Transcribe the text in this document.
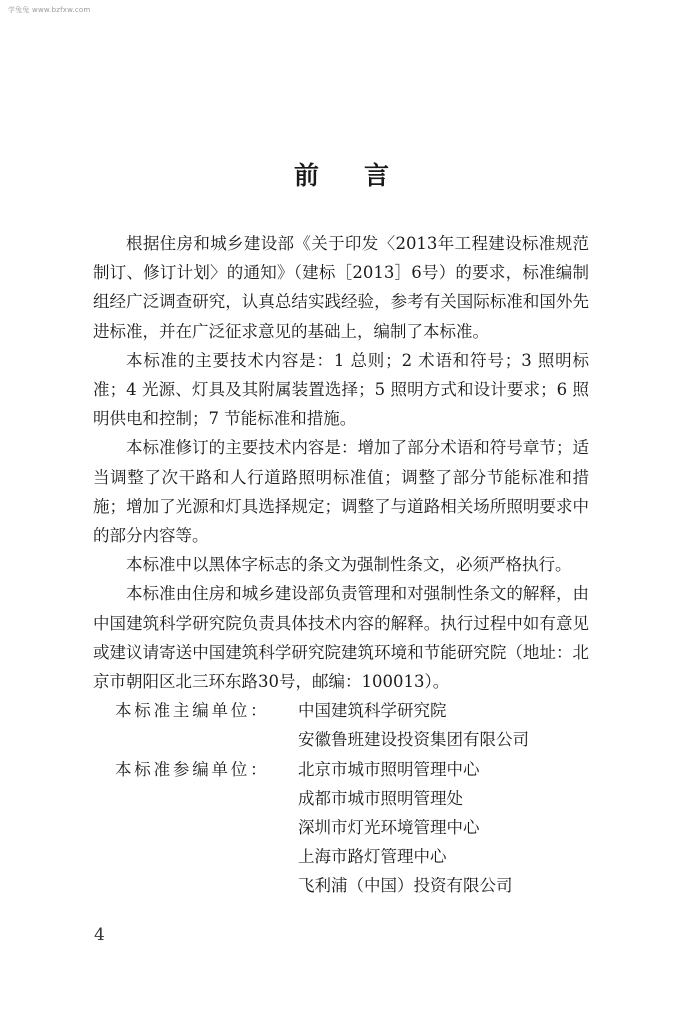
学兔兔 www.bzfxw.com
前 言

根据住房和城乡建设部《关于印发〈2013年工程建设标准规范制订、修订计划〉的通知》（建标［2013］6号）的要求，标准编制组经广泛调查研究，认真总结实践经验，参考有关国际标准和国外先进标准，并在广泛征求意见的基础上，编制了本标准。

本标准的主要技术内容是：1 总则；2 术语和符号；3 照明标准；4 光源、灯具及其附属装置选择；5 照明方式和设计要求；6 照明供电和控制；7 节能标准和措施。

本标准修订的主要技术内容是：增加了部分术语和符号章节；适当调整了次干路和人行道路照明标准值；调整了部分节能标准和措施；增加了光源和灯具选择规定；调整了与道路相关场所照明要求中的部分内容等。

本标准中以黑体字标志的条文为强制性条文，必须严格执行。

本标准由住房和城乡建设部负责管理和对强制性条文的解释，由中国建筑科学研究院负责具体技术内容的解释。执行过程中如有意见或建议请寄送中国建筑科学研究院建筑环境和节能研究院（地址：北京市朝阳区北三环东路30号，邮编：100013）。

本标准主编单位：	中国建筑科学研究院
安徽鲁班建设投资集团有限公司
本标准参编单位：	北京市城市照明管理中心
成都市城市照明管理处
深圳市灯光环境管理中心
上海市路灯管理中心
飞利浦（中国）投资有限公司
4
